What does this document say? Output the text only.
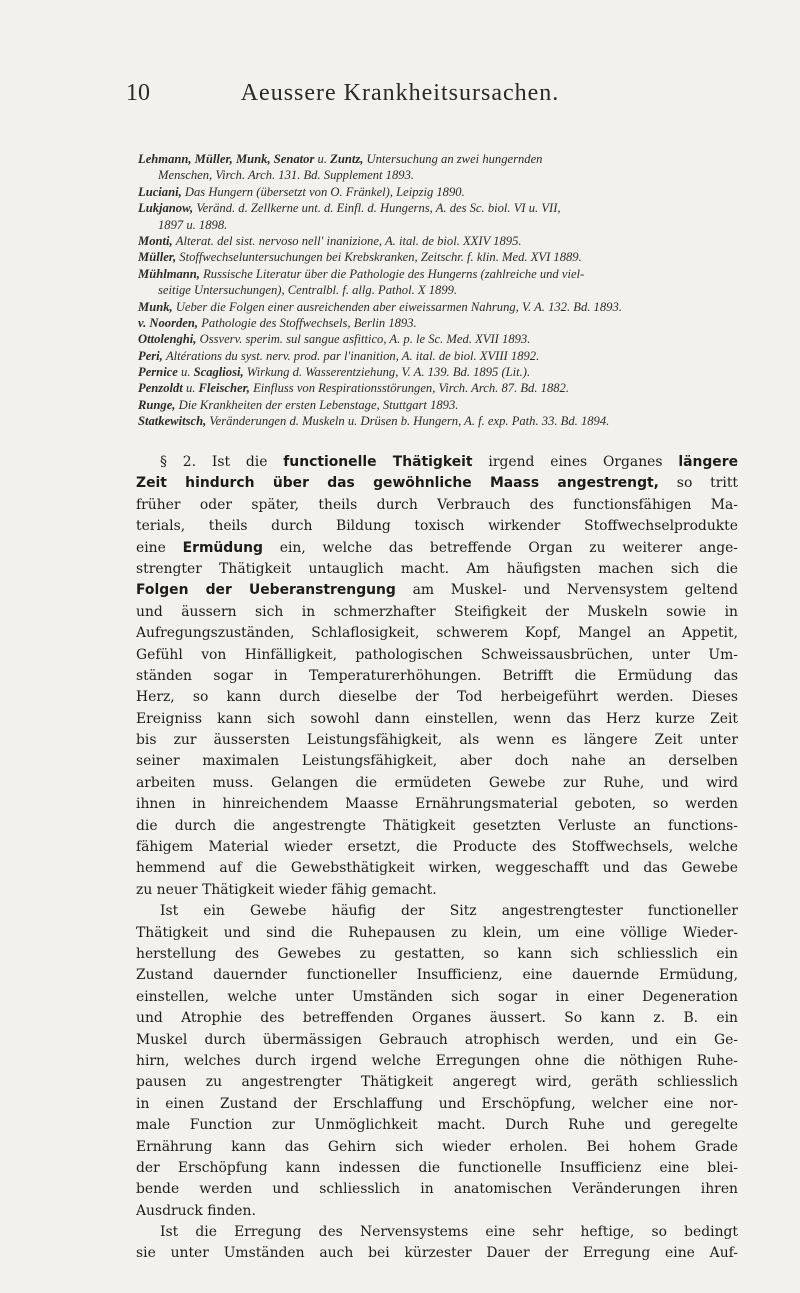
10	Aeussere Krankheitsursachen.
Lehmann, Müller, Munk, Senator u. Zuntz, Untersuchung an zwei hungernden
Menschen, Virch. Arch. 131. Bd. Supplement 1893.
Luciani, Das Hungern (übersetzt von O. Fränkel), Leipzig 1890.
Lukjanow, Veränd. d. Zellkerne unt. d. Einfl. d. Hungerns, A. des Sc. biol. VI u. VII,
1897 u. 1898.
Monti, Alterat. del sist. nervoso nell' inanizione, A. ital. de biol. XXIV 1895.
Müller, Stoffwechseluntersuchungen bei Krebskranken, Zeitschr. f. klin. Med. XVI 1889.
Mühlmann, Russische Literatur über die Pathologie des Hungerns (zahlreiche und viel-
seitige Untersuchungen), Centralbl. f. allg. Pathol. X 1899.
Munk, Ueber die Folgen einer ausreichenden aber eiweissarmen Nahrung, V. A. 132. Bd. 1893.
v. Noorden, Pathologie des Stoffwechsels, Berlin 1893.
Ottolenghi, Ossverv. sperim. sul sangue asfittico, A. p. le Sc. Med. XVII 1893.
Peri, Altérations du syst. nerv. prod. par l'inanition, A. ital. de biol. XVIII 1892.
Pernice u. Scagliosi, Wirkung d. Wasserentziehung, V. A. 139. Bd. 1895 (Lit.).
Penzoldt u. Fleischer, Einfluss von Respirationsstörungen, Virch. Arch. 87. Bd. 1882.
Runge, Die Krankheiten der ersten Lebenstage, Stuttgart 1893.
Statkewitsch, Veränderungen d. Muskeln u. Drüsen b. Hungern, A. f. exp. Path. 33. Bd. 1894.
§ 2. Ist die functionelle Thätigkeit irgend eines Organes längere
Zeit hindurch über das gewöhnliche Maass angestrengt, so tritt
früher oder später, theils durch Verbrauch des functionsfähigen Ma-
terials, theils durch Bildung toxisch wirkender Stoffwechselprodukte
eine Ermüdung ein, welche das betreffende Organ zu weiterer ange-
strengter Thätigkeit untauglich macht. Am häufigsten machen sich die
Folgen der Ueberanstrengung am Muskel- und Nervensystem geltend
und äussern sich in schmerzhafter Steifigkeit der Muskeln sowie in
Aufregungszuständen, Schlaflosigkeit, schwerem Kopf, Mangel an Appetit,
Gefühl von Hinfälligkeit, pathologischen Schweissausbrüchen, unter Um-
ständen sogar in Temperaturerhöhungen. Betrifft die Ermüdung das
Herz, so kann durch dieselbe der Tod herbeigeführt werden. Dieses
Ereigniss kann sich sowohl dann einstellen, wenn das Herz kurze Zeit
bis zur äussersten Leistungsfähigkeit, als wenn es längere Zeit unter
seiner maximalen Leistungsfähigkeit, aber doch nahe an derselben
arbeiten muss. Gelangen die ermüdeten Gewebe zur Ruhe, und wird
ihnen in hinreichendem Maasse Ernährungsmaterial geboten, so werden
die durch die angestrengte Thätigkeit gesetzten Verluste an functions-
fähigem Material wieder ersetzt, die Producte des Stoffwechsels, welche
hemmend auf die Gewebsthätigkeit wirken, weggeschafft und das Gewebe
zu neuer Thätigkeit wieder fähig gemacht.
Ist ein Gewebe häufig der Sitz angestrengtester functioneller
Thätigkeit und sind die Ruhepausen zu klein, um eine völlige Wieder-
herstellung des Gewebes zu gestatten, so kann sich schliesslich ein
Zustand dauernder functioneller Insufficienz, eine dauernde Ermüdung,
einstellen, welche unter Umständen sich sogar in einer Degeneration
und Atrophie des betreffenden Organes äussert. So kann z. B. ein
Muskel durch übermässigen Gebrauch atrophisch werden, und ein Ge-
hirn, welches durch irgend welche Erregungen ohne die nöthigen Ruhe-
pausen zu angestrengter Thätigkeit angeregt wird, geräth schliesslich
in einen Zustand der Erschlaffung und Erschöpfung, welcher eine nor-
male Function zur Unmöglichkeit macht. Durch Ruhe und geregelte
Ernährung kann das Gehirn sich wieder erholen. Bei hohem Grade
der Erschöpfung kann indessen die functionelle Insufficienz eine blei-
bende werden und schliesslich in anatomischen Veränderungen ihren
Ausdruck finden.
Ist die Erregung des Nervensystems eine sehr heftige, so bedingt
sie unter Umständen auch bei kürzester Dauer der Erregung eine Auf-
